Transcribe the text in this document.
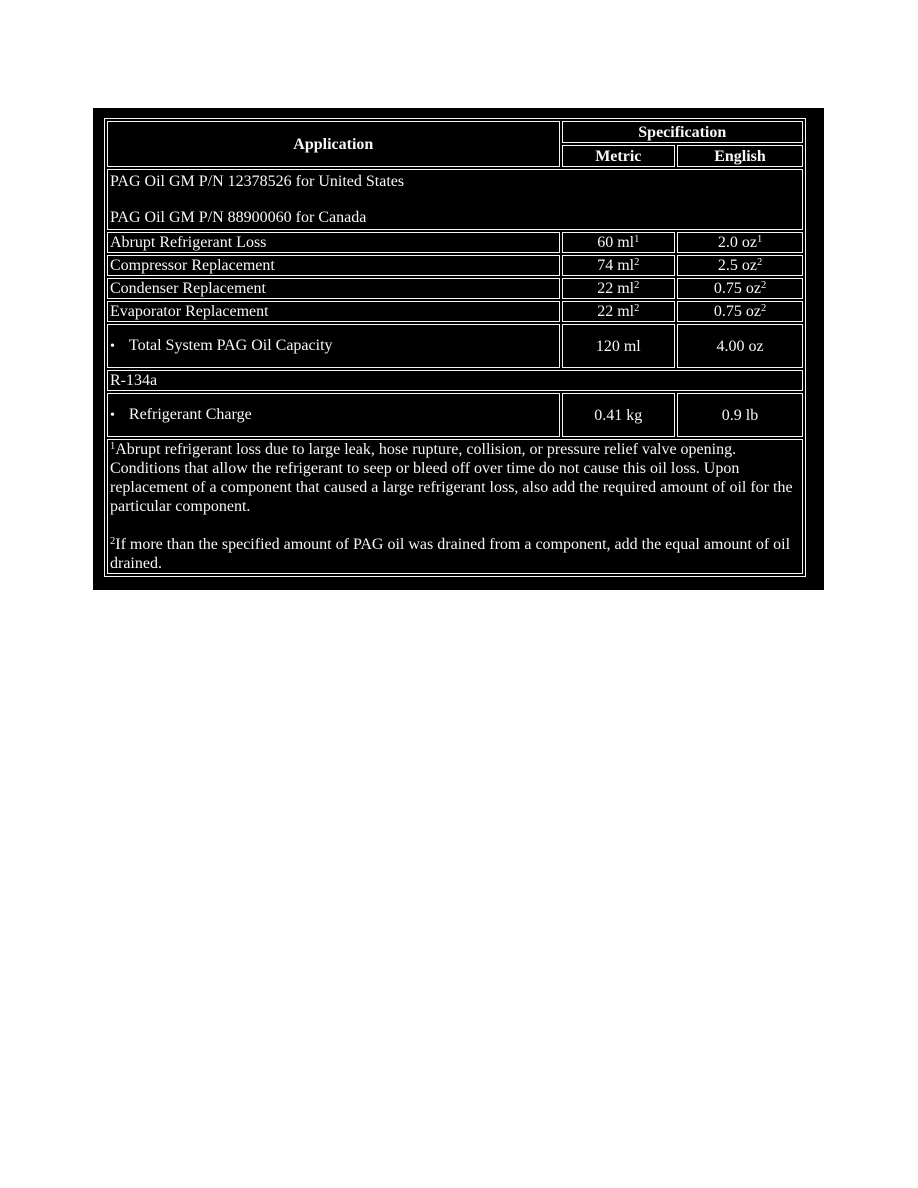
Application	Specification	
	Metric	English

PAG Oil GM P/N 12378526 for United States
PAG Oil GM P/N 88900060 for Canada		

Abrupt Refrigerant Loss	60 $ml^1$	2.0 $oz^1$
Compressor Replacement	74 $ml^2$	2.5 $oz^2$
Condenser Replacement	22 $ml^2$	0.75 $oz^2$
Evaporator Replacement	22 $ml^2$	0.75 $oz^2$
• Total System PAG Oil Capacity	120 ml	4.00 oz
R-134a		
• Refrigerant Charge	0.41 kg	0.9 lb

$^1$Abrupt refrigerant loss due to large leak, hose rupture, collision, or pressure relief valve opening. Conditions that allow the refrigerant to seep or bleed off over time do not cause this oil loss. Upon replacement of a component that caused a large refrigerant loss, also add the required amount of oil for the particular component.

$^2$If more than the specified amount of PAG oil was drained from a component, add the equal amount of oil drained.		
